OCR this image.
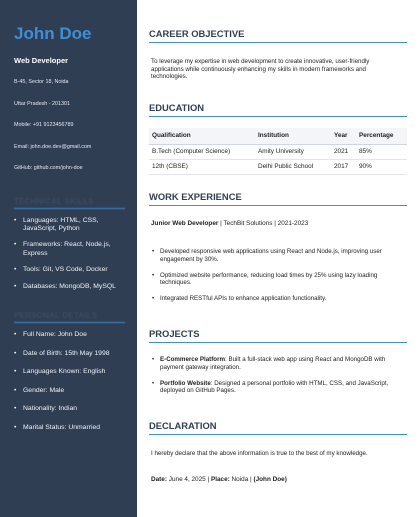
John Doe
Web Developer
B-45, Sector 18, Noida
Uttar Pradesh - 201301
Mobile: +91 9123456789
Email: john.doe.dev@gmail.com
GitHub: github.com/john-doe
TECHNICAL SKILLS
• Languages: HTML, CSS, JavaScript, Python
• Frameworks: React, Node.js, Express
• Tools: Git, VS Code, Docker
• Databases: MongoDB, MySQL
PERSONAL DETAILS
• Full Name: John Doe
• Date of Birth: 15th May 1998
• Languages Known: English
• Gender: Male
• Nationality: Indian
• Marital Status: Unmarried
CAREER OBJECTIVE
To leverage my expertise in web development to create innovative, user-friendly applications while continuously enhancing my skills in modern frameworks and technologies.
EDUCATION
Qualification	Institution	Year	Percentage
B.Tech (Computer Science)	Amity University	2021	85%
12th (CBSE)	Delhi Public School	2017	90%
WORK EXPERIENCE
Junior Web Developer | TechBit Solutions | 2021-2023
• Developed responsive web applications using React and Node.js, improving user engagement by 30%.
• Optimized website performance, reducing load times by 25% using lazy loading techniques.
• Integrated RESTful APIs to enhance application functionality.
PROJECTS
• E-Commerce Platform: Built a full-stack web app using React and MongoDB with payment gateway integration.
• Portfolio Website: Designed a personal portfolio with HTML, CSS, and JavaScript, deployed on GitHub Pages.
DECLARATION
I hereby declare that the above information is true to the best of my knowledge.
Date: June 4, 2025 | Place: Noida | (John Doe)
